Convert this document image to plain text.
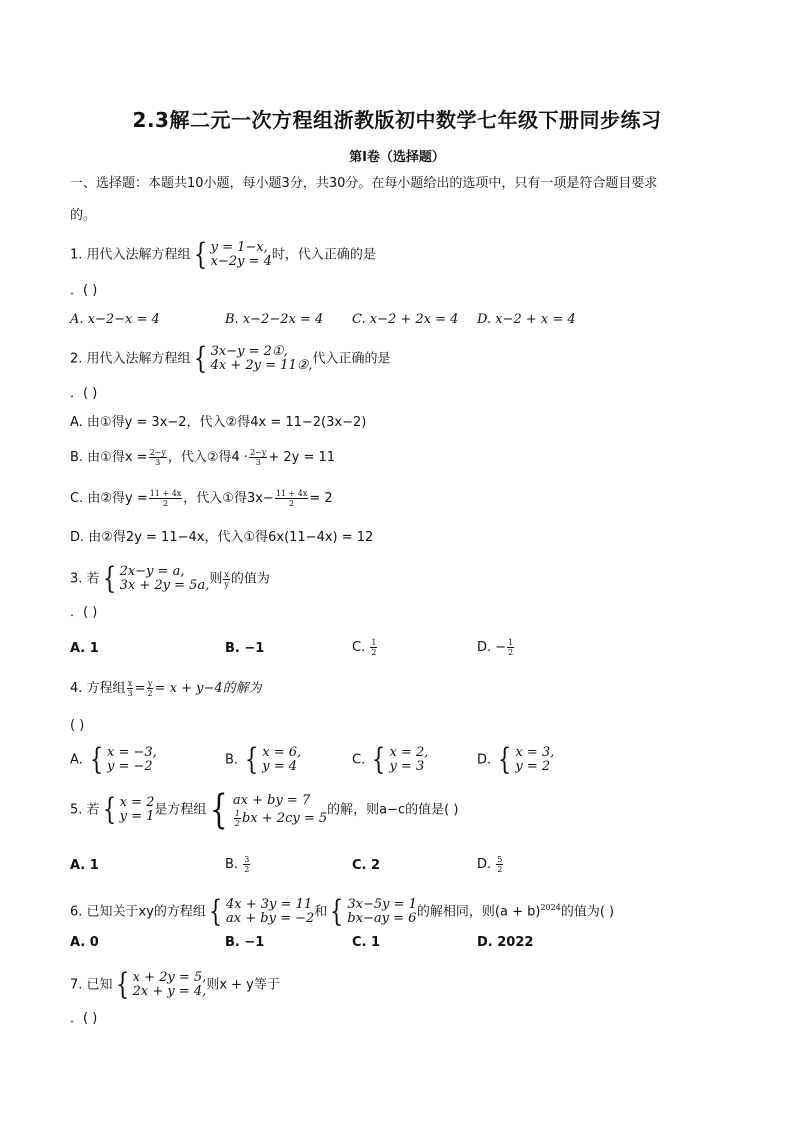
2.3解二元一次方程组浙教版初中数学七年级下册同步练习
第I卷（选择题）
一、选择题：本题共10小题，每小题3分，共30分。在每小题给出的选项中，只有一项是符合题目要求
的。
1. 用代入法解方程组 { y = 1−x,
x−2y = 4 时，代入正确的是
．( )
A. x−2−x = 4	B. x−2−2x = 4 C. x−2 + 2x = 4 D. x−2 + x = 4
2. 用代入法解方程组 { 3x−y = 2①,
4x + 2y = 11②, 代入正确的是
．( )
A. 由①得y = 3x−2，代入②得4x = 11−2(3x−2)
B. 由①得$x = \frac{2-y}{3}$ ，代入②得$4 \cdot \frac{2-y}{3} + 2y = 11$
C. 由②得$y = \frac{11 + 4x}{2}$ ，代入①得$3x- \frac{11 + 4x}{2} = 2$
D. 由②得2y = 11−4x，代入①得6x(11−4x) = 12
3. 若 { 2x−y = a,
3x + 2y = 5a, 则 $\frac{x}{y}$ 的值为
．( )
A. 1	B. −1	C. $\frac{1}{2}$	D. − $\frac{1}{2}$
4. 方程组 $\frac{x}{3} = \frac{y}{2} = x + y-4$的解为
( )
A. { x = −3,
y = −2	B. { x = 6,
y = 4	C. { x = 2,
y = 3	D. { x = 3,
y = 2
5. 若 { x = 2
y = 1 是方程组 { ax + by = 7
$\frac{1}{2}$ bx + 2cy = 5
的解，则a−c的值是( )
A. 1	B. $\frac{3}{2}$	C. 2	D. $\frac{5}{2}$
6. 已知关于xy的方程组 { 4x + 3y = 11
ax + by = −2 和 { 3x−5y = 1
bx−ay = 6 的解相同，则$(a + b)^{2024}$的值为( )
A. 0	B. −1	C. 1	D. 2022
7. 已知 { x + 2y = 5,
2x + y = 4, 则x + y等于
．( )
